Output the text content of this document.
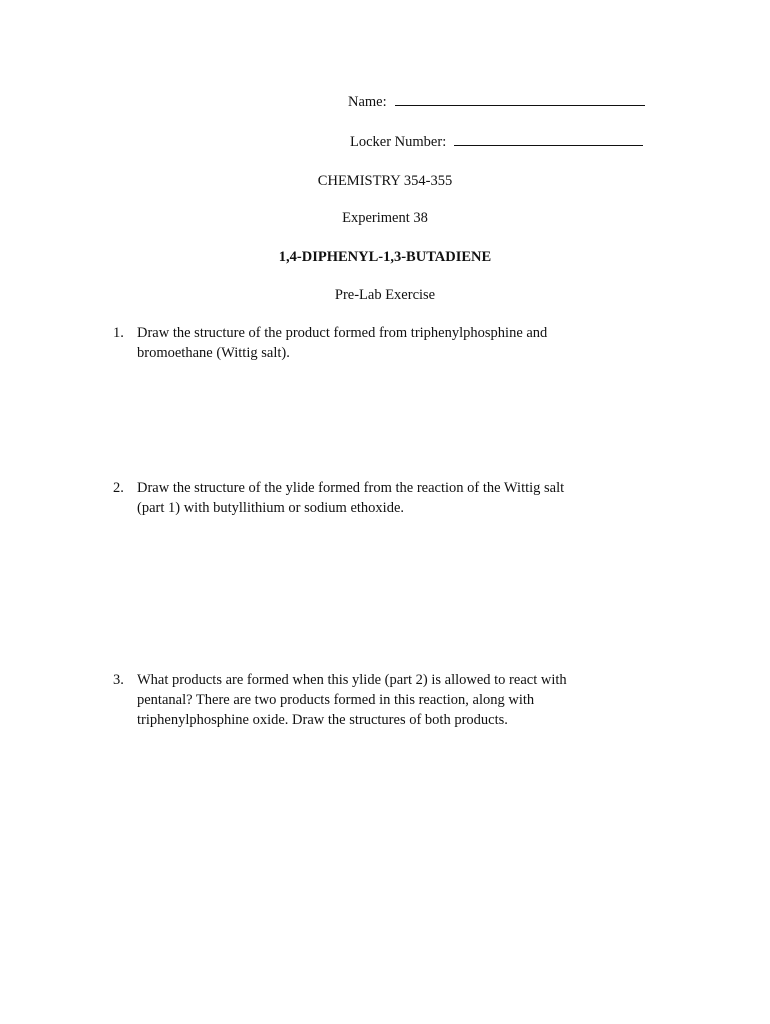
Name:
Locker Number:
CHEMISTRY 354-355
Experiment 38
1,4-DIPHENYL-1,3-BUTADIENE
Pre-Lab Exercise
1. Draw the structure of the product formed from triphenylphosphine and
bromoethane (Wittig salt).
2. Draw the structure of the ylide formed from the reaction of the Wittig salt
(part 1) with butyllithium or sodium ethoxide.
3. What products are formed when this ylide (part 2) is allowed to react with
pentanal? There are two products formed in this reaction, along with
triphenylphosphine oxide. Draw the structures of both products.
